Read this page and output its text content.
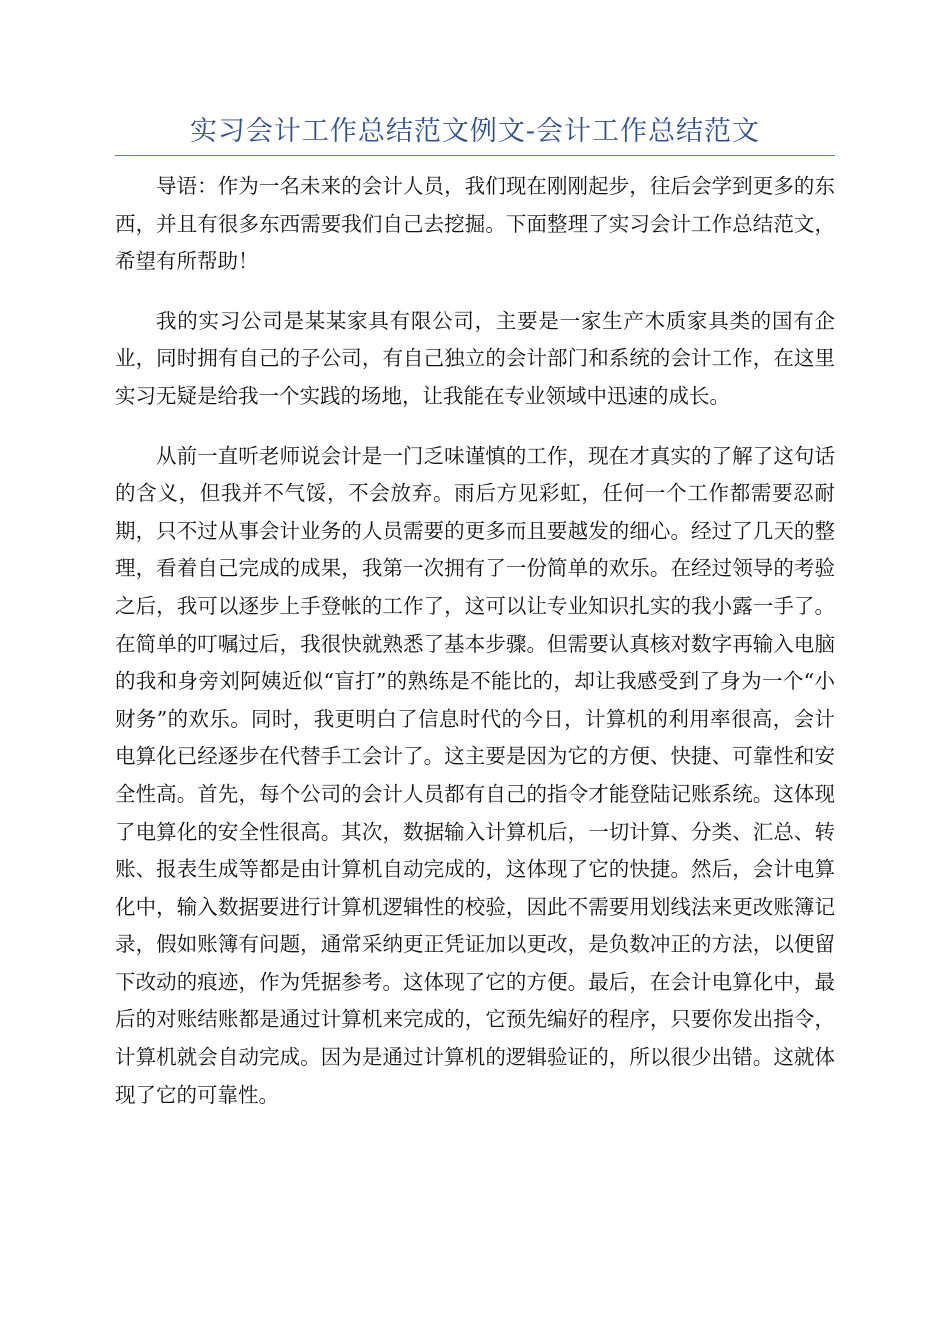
实习会计工作总结范文例文-会计工作总结范文

导语：作为一名未来的会计人员，我们现在刚刚起步，往后会学到更多的东西，并且有很多东西需要我们自己去挖掘。下面整理了实习会计工作总结范文，希望有所帮助！

我的实习公司是某某家具有限公司，主要是一家生产木质家具类的国有企业，同时拥有自己的子公司，有自己独立的会计部门和系统的会计工作，在这里实习无疑是给我一个实践的场地，让我能在专业领域中迅速的成长。

从前一直听老师说会计是一门乏味谨慎的工作，现在才真实的了解了这句话的含义，但我并不气馁，不会放弃。雨后方见彩虹，任何一个工作都需要忍耐期，只不过从事会计业务的人员需要的更多而且要越发的细心。经过了几天的整理，看着自己完成的成果，我第一次拥有了一份简单的欢乐。在经过领导的考验之后，我可以逐步上手登帐的工作了，这可以让专业知识扎实的我小露一手了。在简单的叮嘱过后，我很快就熟悉了基本步骤。但需要认真核对数字再输入电脑的我和身旁刘阿姨近似“盲打”的熟练是不能比的，却让我感受到了身为一个“小财务”的欢乐。同时，我更明白了信息时代的今日，计算机的利用率很高，会计电算化已经逐步在代替手工会计了。这主要是因为它的方便、快捷、可靠性和安全性高。首先，每个公司的会计人员都有自己的指令才能登陆记账系统。这体现了电算化的安全性很高。其次，数据输入计算机后，一切计算、分类、汇总、转账、报表生成等都是由计算机自动完成的，这体现了它的快捷。然后，会计电算化中，输入数据要进行计算机逻辑性的校验，因此不需要用划线法来更改账簿记录，假如账簿有问题，通常采纳更正凭证加以更改，是负数冲正的方法，以便留下改动的痕迹，作为凭据参考。这体现了它的方便。最后，在会计电算化中，最后的对账结账都是通过计算机来完成的，它预先编好的程序，只要你发出指令，计算机就会自动完成。因为是通过计算机的逻辑验证的，所以很少出错。这就体现了它的可靠性。
